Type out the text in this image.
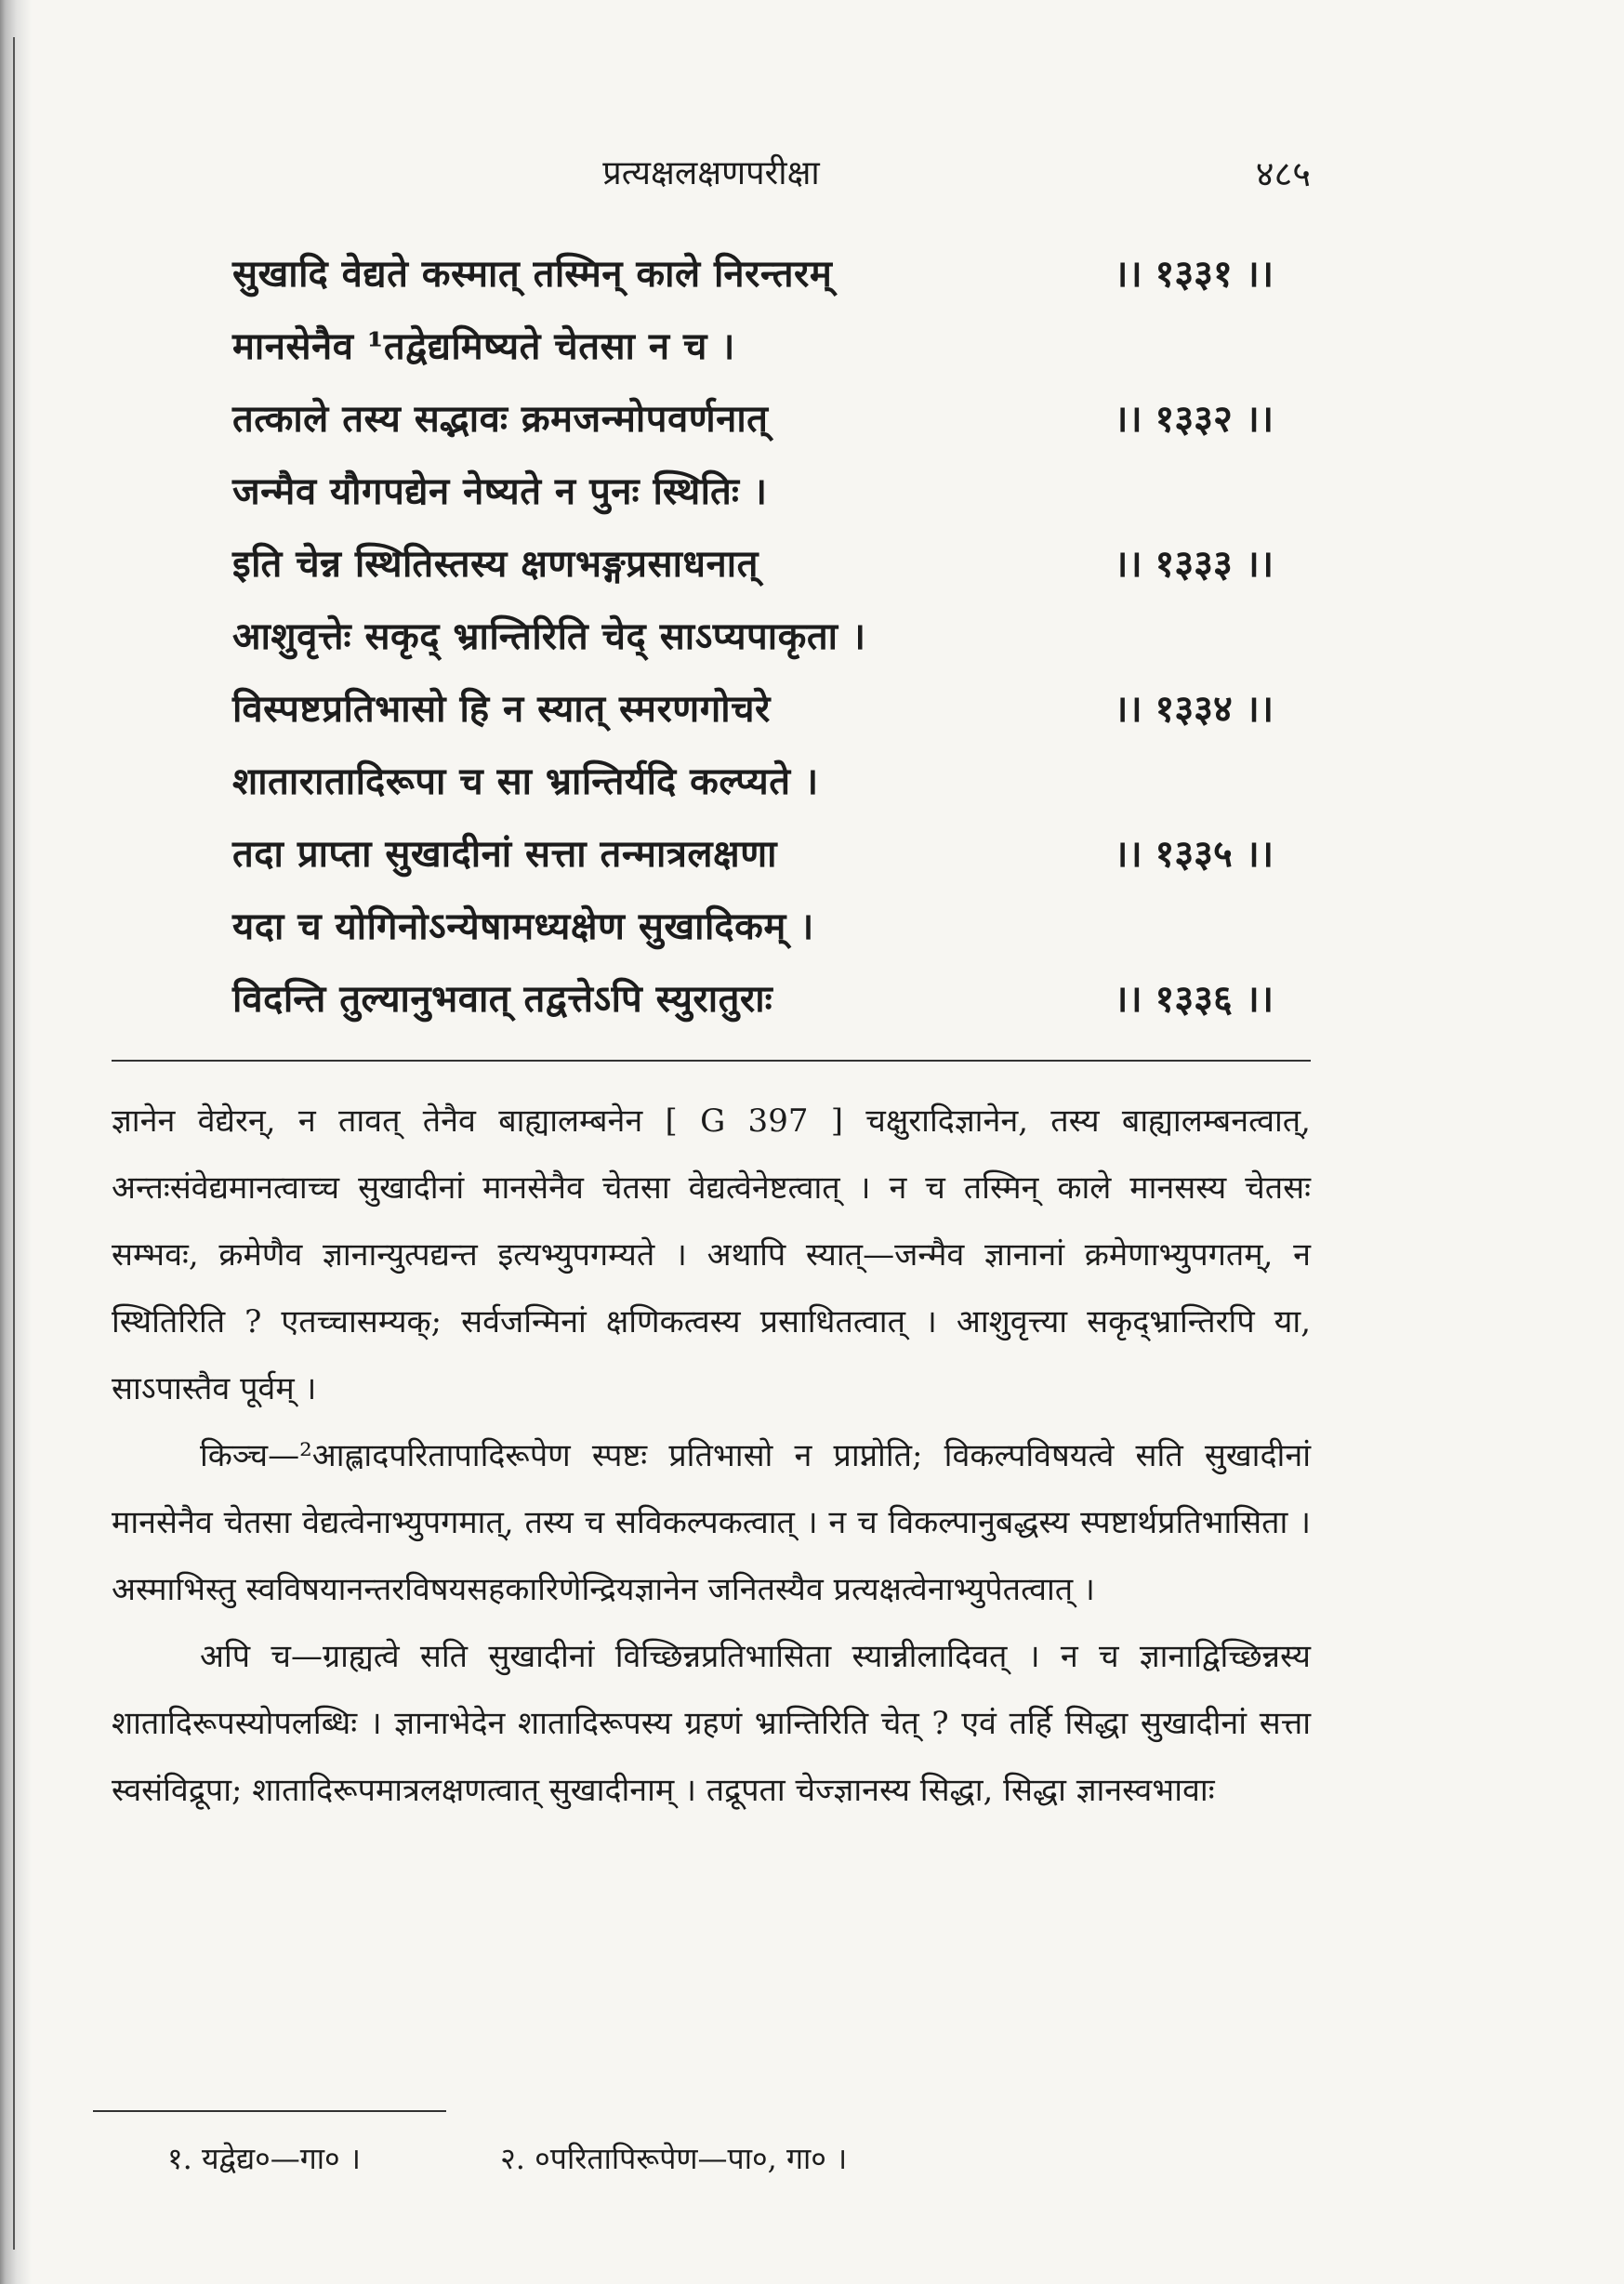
प्रत्यक्षलक्षणपरीक्षा	४८५
सुखादि वेद्यते कस्मात् तस्मिन् काले निरन्तरम्	।। १३३१ ।।
मानसेनैव ¹तद्वेद्यमिष्यते चेतसा न च ।
तत्काले तस्य सद्भावः क्रमजन्मोपवर्णनात्	।। १३३२ ।।
जन्मैव यौगपद्येन नेष्यते न पुनः स्थितिः ।
इति चेन्न स्थितिस्तस्य क्षणभङ्गप्रसाधनात्	।। १३३३ ।।
आशुवृत्तेः सकृद् भ्रान्तिरिति चेद् साऽप्यपाकृता ।
विस्पष्टप्रतिभासो हि न स्यात् स्मरणगोचरे	।। १३३४ ।।
शातारातादिरूपा च सा भ्रान्तिर्यदि कल्प्यते ।
तदा प्राप्ता सुखादीनां सत्ता तन्मात्रलक्षणा	।। १३३५ ।।
यदा च योगिनोऽन्येषामध्यक्षेण सुखादिकम् ।
विदन्ति तुल्यानुभवात् तद्वत्तेऽपि स्युरातुराः	।। १३३६ ।।

ज्ञानेन वेद्येरन्, न तावत् तेनैव बाह्यालम्बनेन [ G 397 ] चक्षुरादिज्ञानेन, तस्य बाह्यालम्बनत्वात्, अन्तःसंवेद्यमानत्वाच्च सुखादीनां मानसेनैव चेतसा वेद्यत्वेनेष्टत्वात् । न च तस्मिन् काले मानसस्य चेतसः सम्भवः, क्रमेणैव ज्ञानान्युत्पद्यन्त इत्यभ्युपगम्यते । अथापि स्यात्—जन्मैव ज्ञानानां क्रमेणाभ्युपगतम्, न स्थितिरिति ? एतच्चासम्यक्; सर्वजन्मिनां क्षणिकत्वस्य प्रसाधितत्वात् । आशुवृत्त्या सकृद्भ्रान्तिरपि या, साऽपास्तैव पूर्वम् ।

किञ्च—²आह्लादपरितापादिरूपेण स्पष्टः प्रतिभासो न प्राप्नोति; विकल्पविषयत्वे सति सुखादीनां मानसेनैव चेतसा वेद्यत्वेनाभ्युपगमात्, तस्य च सविकल्पकत्वात् । न च विकल्पानुबद्धस्य स्पष्टार्थप्रतिभासिता । अस्माभिस्तु स्वविषयानन्तरविषयसहकारिणेन्द्रियज्ञानेन जनितस्यैव प्रत्यक्षत्वेनाभ्युपेतत्वात् ।

अपि च—ग्राह्यत्वे सति सुखादीनां विच्छिन्नप्रतिभासिता स्यान्नीलादिवत् । न च ज्ञानाद्विच्छिन्नस्य शातादिरूपस्योपलब्धिः । ज्ञानाभेदेन शातादिरूपस्य ग्रहणं भ्रान्तिरिति चेत् ? एवं तर्हि सिद्धा सुखादीनां सत्ता स्वसंविद्रूपा; शातादिरूपमात्रलक्षणत्वात् सुखादीनाम् । तद्रूपता चेज्ज्ञानस्य सिद्धा, सिद्धा ज्ञानस्वभावाः

१. यद्वेद्य०—गा० ।	२. ०परितापिरूपेण—पा०, गा० ।
